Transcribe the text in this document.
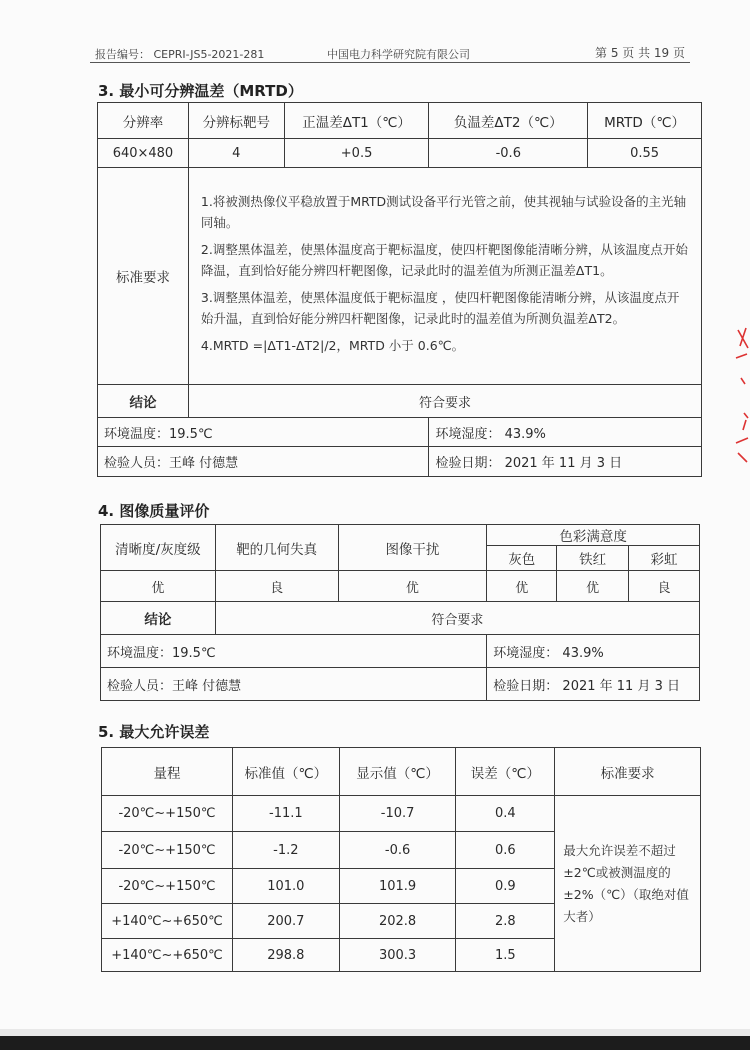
报告编号： CEPRI-JS5-2021-281	中国电力科学研究院有限公司	第 5 页 共 19 页
3. 最小可分辨温差（MRTD）
分辨率	分辨标靶号	正温差ΔT1（℃）	负温差ΔT2（℃）	MRTD（℃）
640×480	4	+0.5	-0.6	0.55
标准要求	1.将被测热像仪平稳放置于MRTD测试设备平行光管之前，使其视轴与试验设备的主光轴同轴。

2.调整黑体温差，使黑体温度高于靶标温度，使四杆靶图像能清晰分辨，从该温度点开始降温，直到恰好能分辨四杆靶图像，记录此时的温差值为所测正温差ΔT1。

3.调整黑体温差，使黑体温度低于靶标温度 ，使四杆靶图像能清晰分辨，从该温度点开始升温，直到恰好能分辨四杆靶图像，记录此时的温差值为所测负温差ΔT2。

4.MRTD =|ΔT1-ΔT2|/2，MRTD 小于 0.6℃。			

结论	符合要求			
环境温度：19.5℃			环境湿度： 43.9%	
检验人员：王峰 付德慧			检验日期： 2021 年 11 月 3 日	
4. 图像质量评价
清晰度/灰度级	靶的几何失真	图像干扰	色彩满意度		
			灰色	铁红	彩虹
优	良	优	优	优	良
结论	符合要求				
环境温度：19.5℃			环境湿度： 43.9%		
检验人员：王峰 付德慧			检验日期： 2021 年 11 月 3 日		
5. 最大允许误差
量程	标准值（℃）	显示值（℃）	误差（℃）	标准要求
-20℃~+150℃	-11.1	-10.7	0.4	最大允许误差不超过±2℃或被测温度的±2%（℃）（取绝对值大者）
-20℃~+150℃	-1.2	-0.6	0.6	
-20℃~+150℃	101.0	101.9	0.9	
+140℃~+650℃	200.7	202.8	2.8	
+140℃~+650℃	298.8	300.3	1.5	
